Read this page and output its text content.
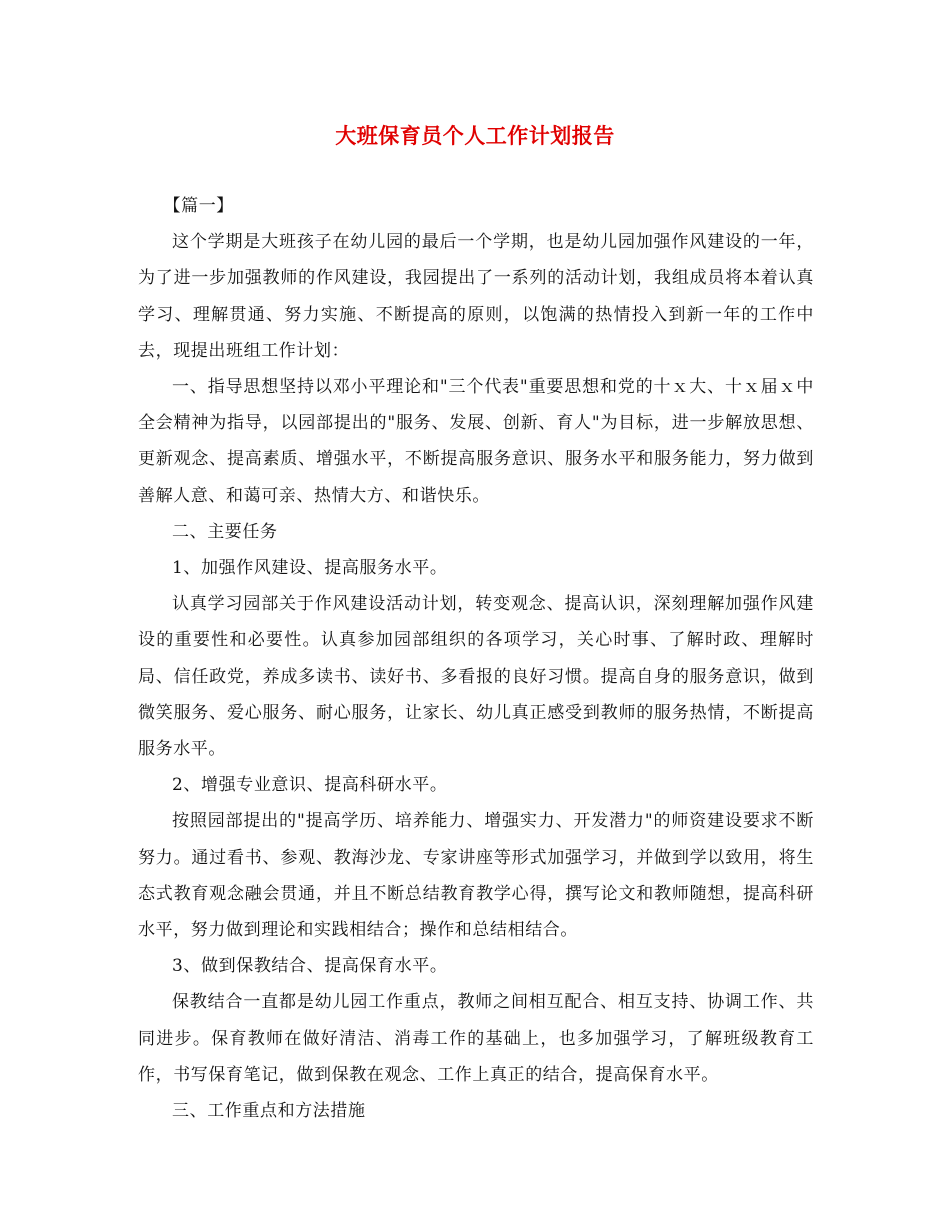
大班保育员个人工作计划报告

【篇一】

这个学期是大班孩子在幼儿园的最后一个学期，也是幼儿园加强作风建设的一年，为了进一步加强教师的作风建设，我园提出了一系列的活动计划，我组成员将本着认真学习、理解贯通、努力实施、不断提高的原则，以饱满的热情投入到新一年的工作中去，现提出班组工作计划：

一、指导思想坚持以邓小平理论和"三个代表"重要思想和党的十ｘ大、十ｘ届ｘ中全会精神为指导，以园部提出的"服务、发展、创新、育人"为目标，进一步解放思想、更新观念、提高素质、增强水平，不断提高服务意识、服务水平和服务能力，努力做到善解人意、和蔼可亲、热情大方、和谐快乐。

二、主要任务

1、加强作风建设、提高服务水平。

认真学习园部关于作风建设活动计划，转变观念、提高认识，深刻理解加强作风建设的重要性和必要性。认真参加园部组织的各项学习，关心时事、了解时政、理解时局、信任政党，养成多读书、读好书、多看报的良好习惯。提高自身的服务意识，做到微笑服务、爱心服务、耐心服务，让家长、幼儿真正感受到教师的服务热情，不断提高服务水平。

2、增强专业意识、提高科研水平。

按照园部提出的"提高学历、培养能力、增强实力、开发潜力"的师资建设要求不断努力。通过看书、参观、教海沙龙、专家讲座等形式加强学习，并做到学以致用，将生态式教育观念融会贯通，并且不断总结教育教学心得，撰写论文和教师随想，提高科研水平，努力做到理论和实践相结合；操作和总结相结合。

3、做到保教结合、提高保育水平。

保教结合一直都是幼儿园工作重点，教师之间相互配合、相互支持、协调工作、共同进步。保育教师在做好清洁、消毒工作的基础上，也多加强学习，了解班级教育工作，书写保育笔记，做到保教在观念、工作上真正的结合，提高保育水平。

三、工作重点和方法措施
